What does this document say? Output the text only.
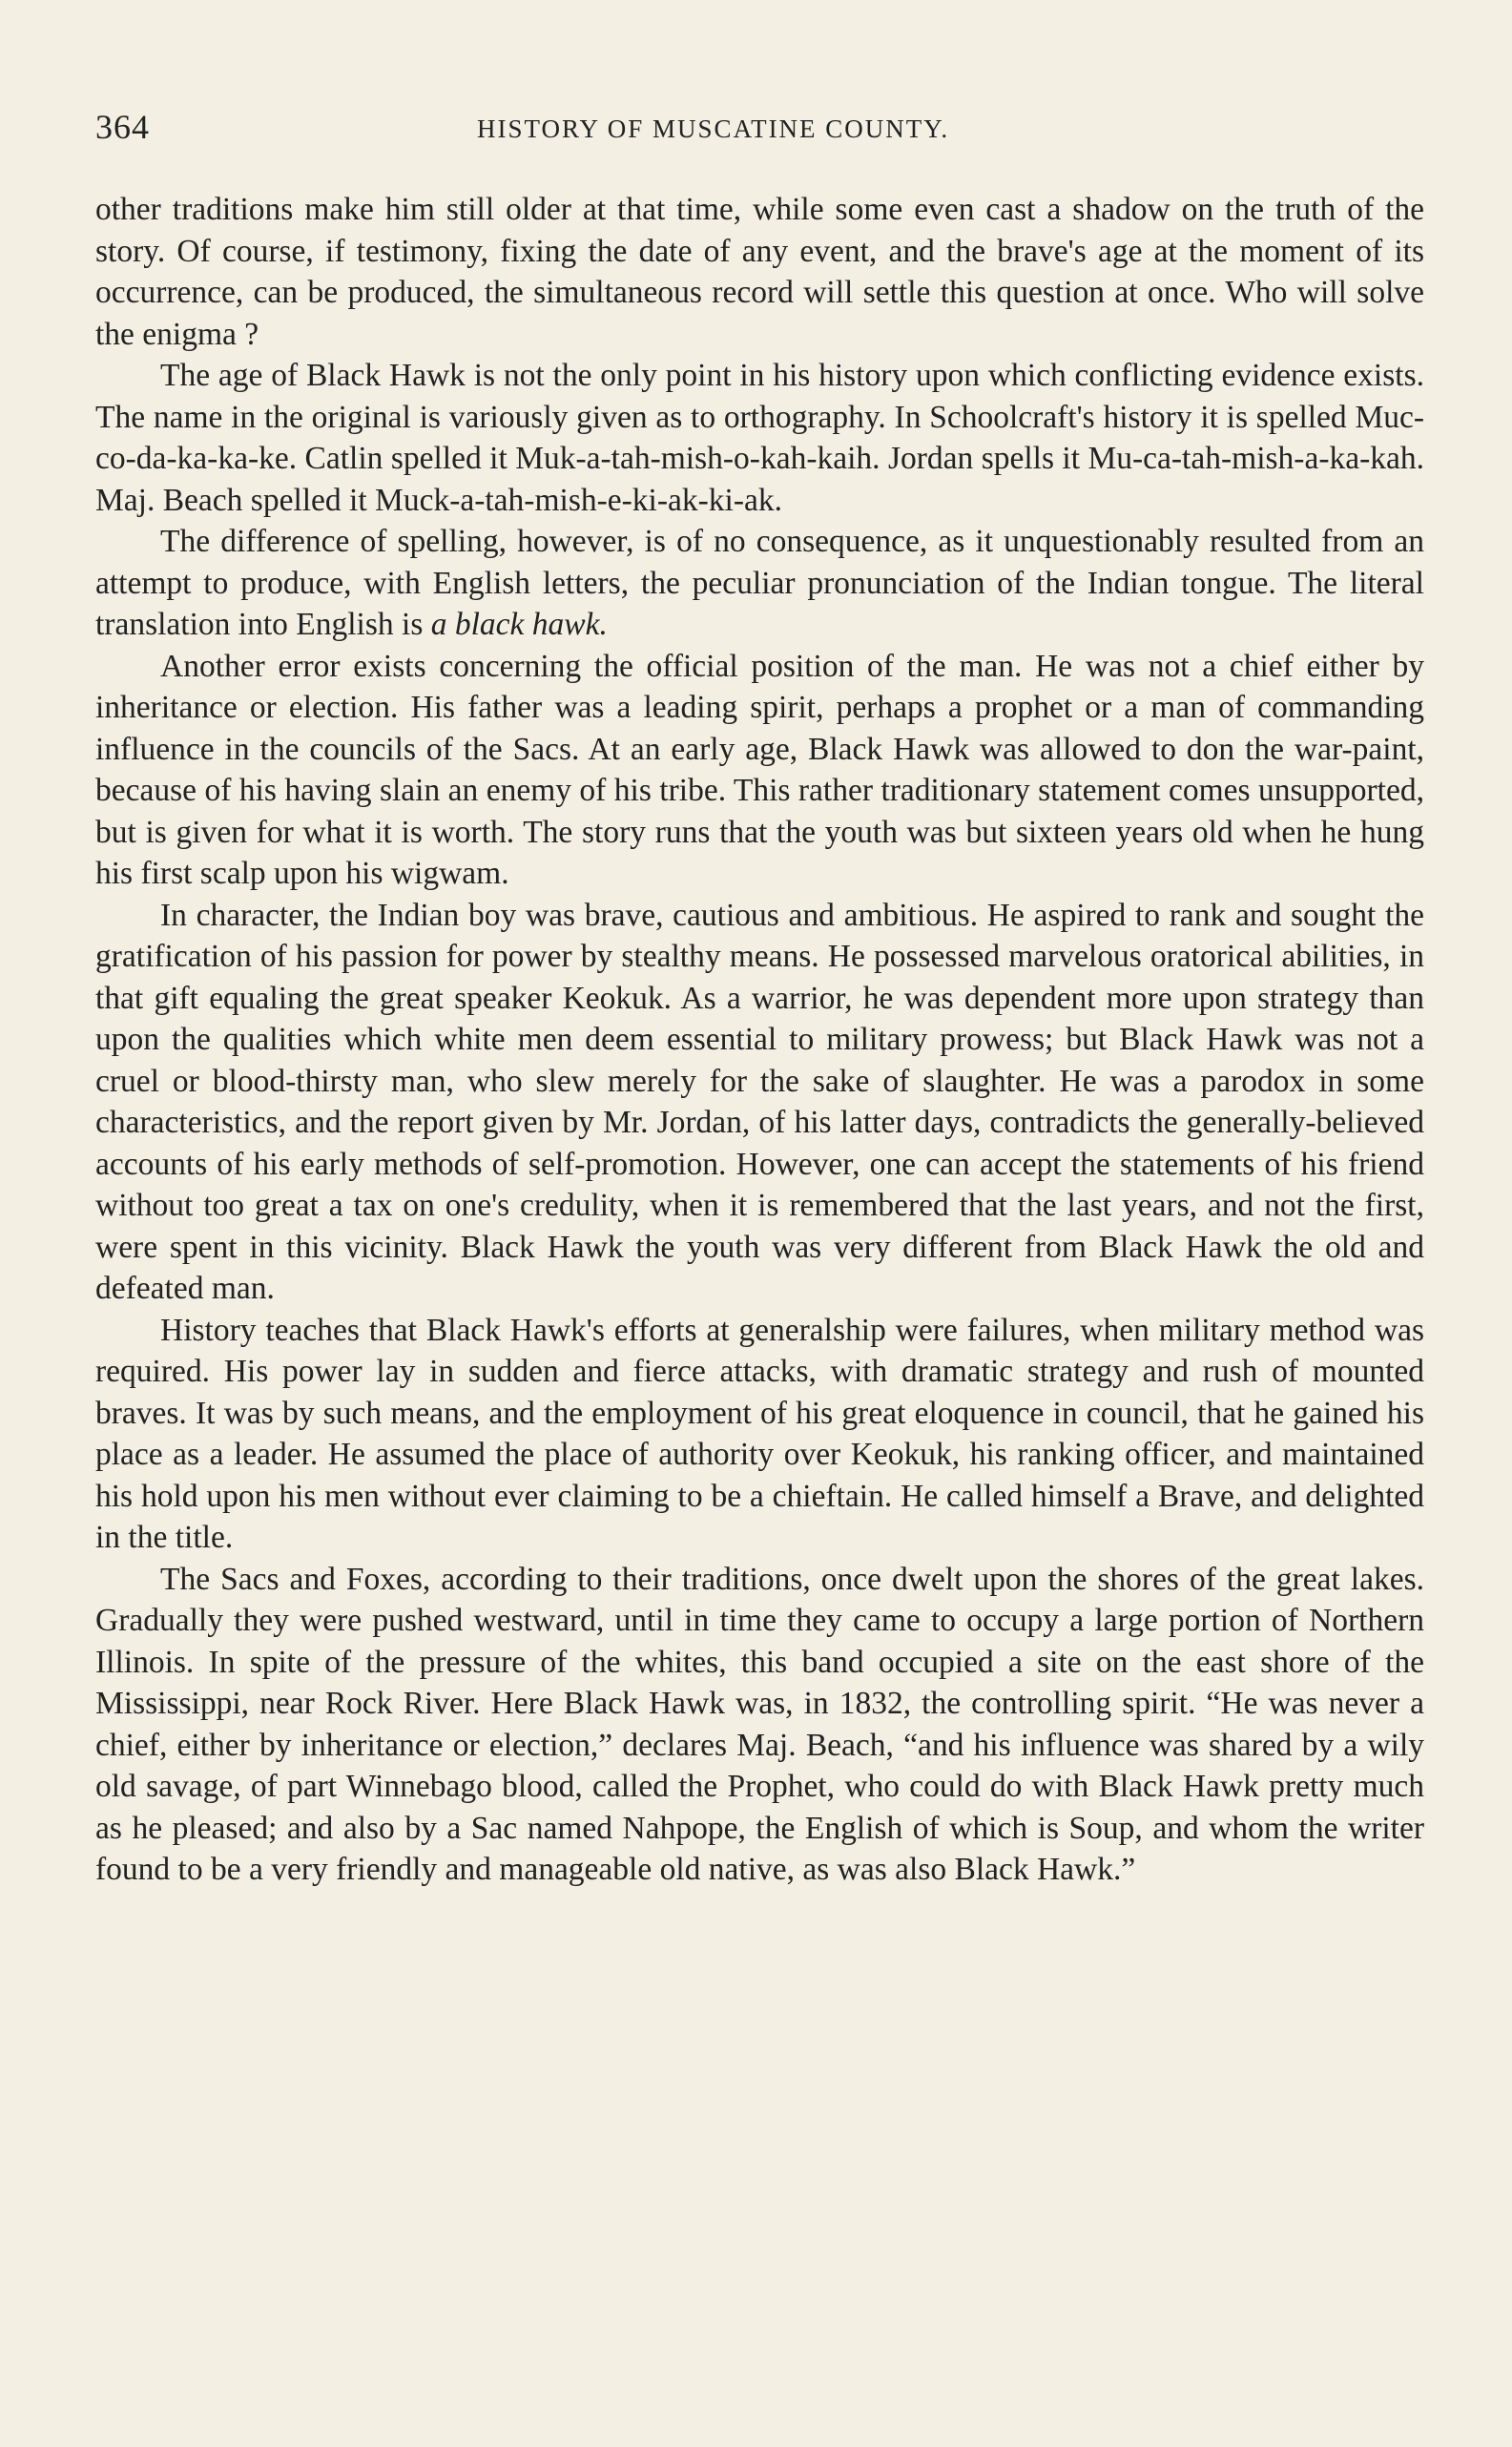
364	HISTORY OF MUSCATINE COUNTY.

other traditions make him still older at that time, while some even cast a shadow on the truth of the story. Of course, if testimony, fixing the date of any event, and the brave's age at the moment of its occurrence, can be produced, the simultaneous record will settle this question at once. Who will solve the enigma ?

The age of Black Hawk is not the only point in his history upon which conflicting evidence exists. The name in the original is variously given as to orthography. In Schoolcraft's history it is spelled Muc-co-da-ka-ka-ke. Catlin spelled it Muk-a-tah-mish-o-kah-kaih. Jordan spells it Mu-ca-tah-mish-a-ka-kah. Maj. Beach spelled it Muck-a-tah-mish-e-ki-ak-ki-ak.

The difference of spelling, however, is of no consequence, as it unquestionably resulted from an attempt to produce, with English letters, the peculiar pronunciation of the Indian tongue. The literal translation into English is a black hawk.

Another error exists concerning the official position of the man. He was not a chief either by inheritance or election. His father was a leading spirit, perhaps a prophet or a man of commanding influence in the councils of the Sacs. At an early age, Black Hawk was allowed to don the war-paint, because of his having slain an enemy of his tribe. This rather traditionary statement comes unsupported, but is given for what it is worth. The story runs that the youth was but sixteen years old when he hung his first scalp upon his wigwam.

In character, the Indian boy was brave, cautious and ambitious. He aspired to rank and sought the gratification of his passion for power by stealthy means. He possessed marvelous oratorical abilities, in that gift equaling the great speaker Keokuk. As a warrior, he was dependent more upon strategy than upon the qualities which white men deem essential to military prowess; but Black Hawk was not a cruel or blood-thirsty man, who slew merely for the sake of slaughter. He was a parodox in some characteristics, and the report given by Mr. Jordan, of his latter days, contradicts the generally-believed accounts of his early methods of self-promotion. However, one can accept the statements of his friend without too great a tax on one's credulity, when it is remembered that the last years, and not the first, were spent in this vicinity. Black Hawk the youth was very different from Black Hawk the old and defeated man.

History teaches that Black Hawk's efforts at generalship were failures, when military method was required. His power lay in sudden and fierce attacks, with dramatic strategy and rush of mounted braves. It was by such means, and the employment of his great eloquence in council, that he gained his place as a leader. He assumed the place of authority over Keokuk, his ranking officer, and maintained his hold upon his men without ever claiming to be a chieftain. He called himself a Brave, and delighted in the title.

The Sacs and Foxes, according to their traditions, once dwelt upon the shores of the great lakes. Gradually they were pushed westward, until in time they came to occupy a large portion of Northern Illinois. In spite of the pressure of the whites, this band occupied a site on the east shore of the Mississippi, near Rock River. Here Black Hawk was, in 1832, the controlling spirit. “He was never a chief, either by inheritance or election,” declares Maj. Beach, “and his influence was shared by a wily old savage, of part Winnebago blood, called the Prophet, who could do with Black Hawk pretty much as he pleased; and also by a Sac named Nahpope, the English of which is Soup, and whom the writer found to be a very friendly and manageable old native, as was also Black Hawk.”
